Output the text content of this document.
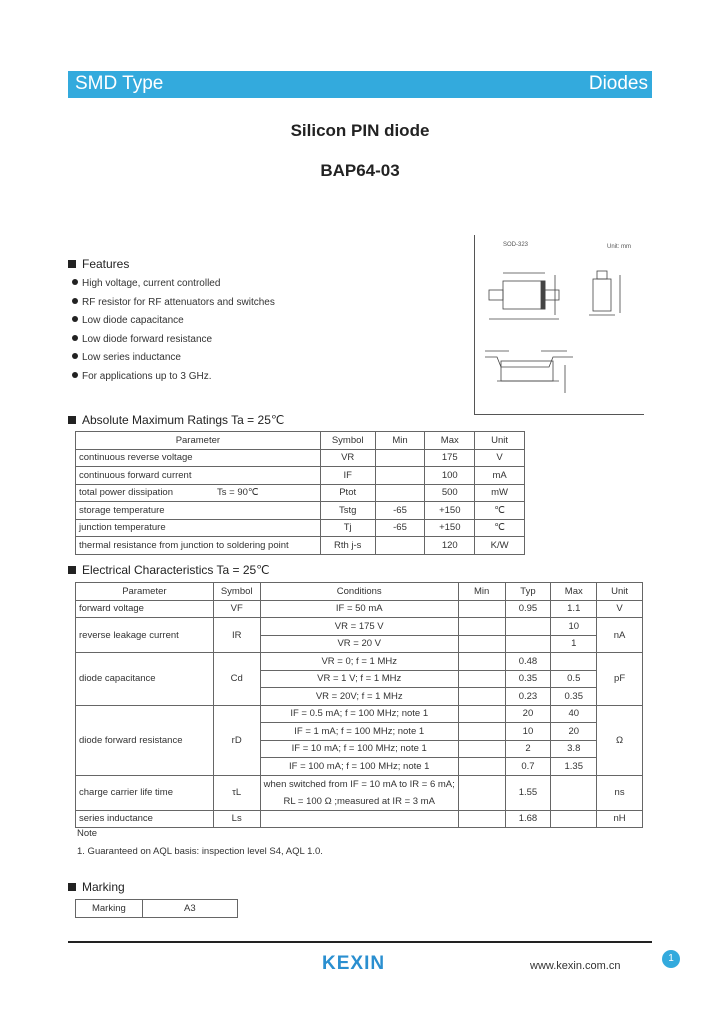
SMD Type	Diodes
Silicon PIN diode
BAP64-03
Features
High voltage, current controlled
RF resistor for RF attenuators and switches
Low diode capacitance
Low diode forward resistance
Low series inductance
For applications up to 3 GHz.
SOD-323	Unit: mm
Absolute Maximum Ratings Ta = 25℃
Parameter	Symbol	Min	Max	Unit
continuous reverse voltage	VR		175	V
continuous forward current	IF		100	mA
total power dissipation Ts = 90℃	Ptot		500	mW
storage temperature	Tstg	-65	+150	℃
junction temperature	Tj	-65	+150	℃
thermal resistance from junction to soldering point	Rth j-s		120	K/W
Electrical Characteristics Ta = 25℃
Parameter	Symbol	Conditions	Min	Typ	Max	Unit
forward voltage	VF	IF = 50 mA		0.95	1.1	V
reverse leakage current	IR	VR = 175 V			10	nA
		VR = 20 V			1	
diode capacitance	Cd	VR = 0; f = 1 MHz		0.48		pF
		VR = 1 V; f = 1 MHz		0.35	0.5	
		VR = 20V; f = 1 MHz		0.23	0.35	
diode forward resistance	rD	IF = 0.5 mA; f = 100 MHz; note 1		20	40	Ω
		IF = 1 mA; f = 100 MHz; note 1		10	20	
		IF = 10 mA; f = 100 MHz; note 1		2	3.8	
		IF = 100 mA; f = 100 MHz; note 1		0.7	1.35	
charge carrier life time	τL	when switched from IF = 10 mA to IR = 6 mA;
RL = 100 Ω ;measured at IR = 3 mA		1.55		ns
series inductance	Ls			1.68		nH
Note
1. Guaranteed on AQL basis: inspection level S4, AQL 1.0.
Marking
Marking	A3
KEXIN	1
www.kexin.com.cn
